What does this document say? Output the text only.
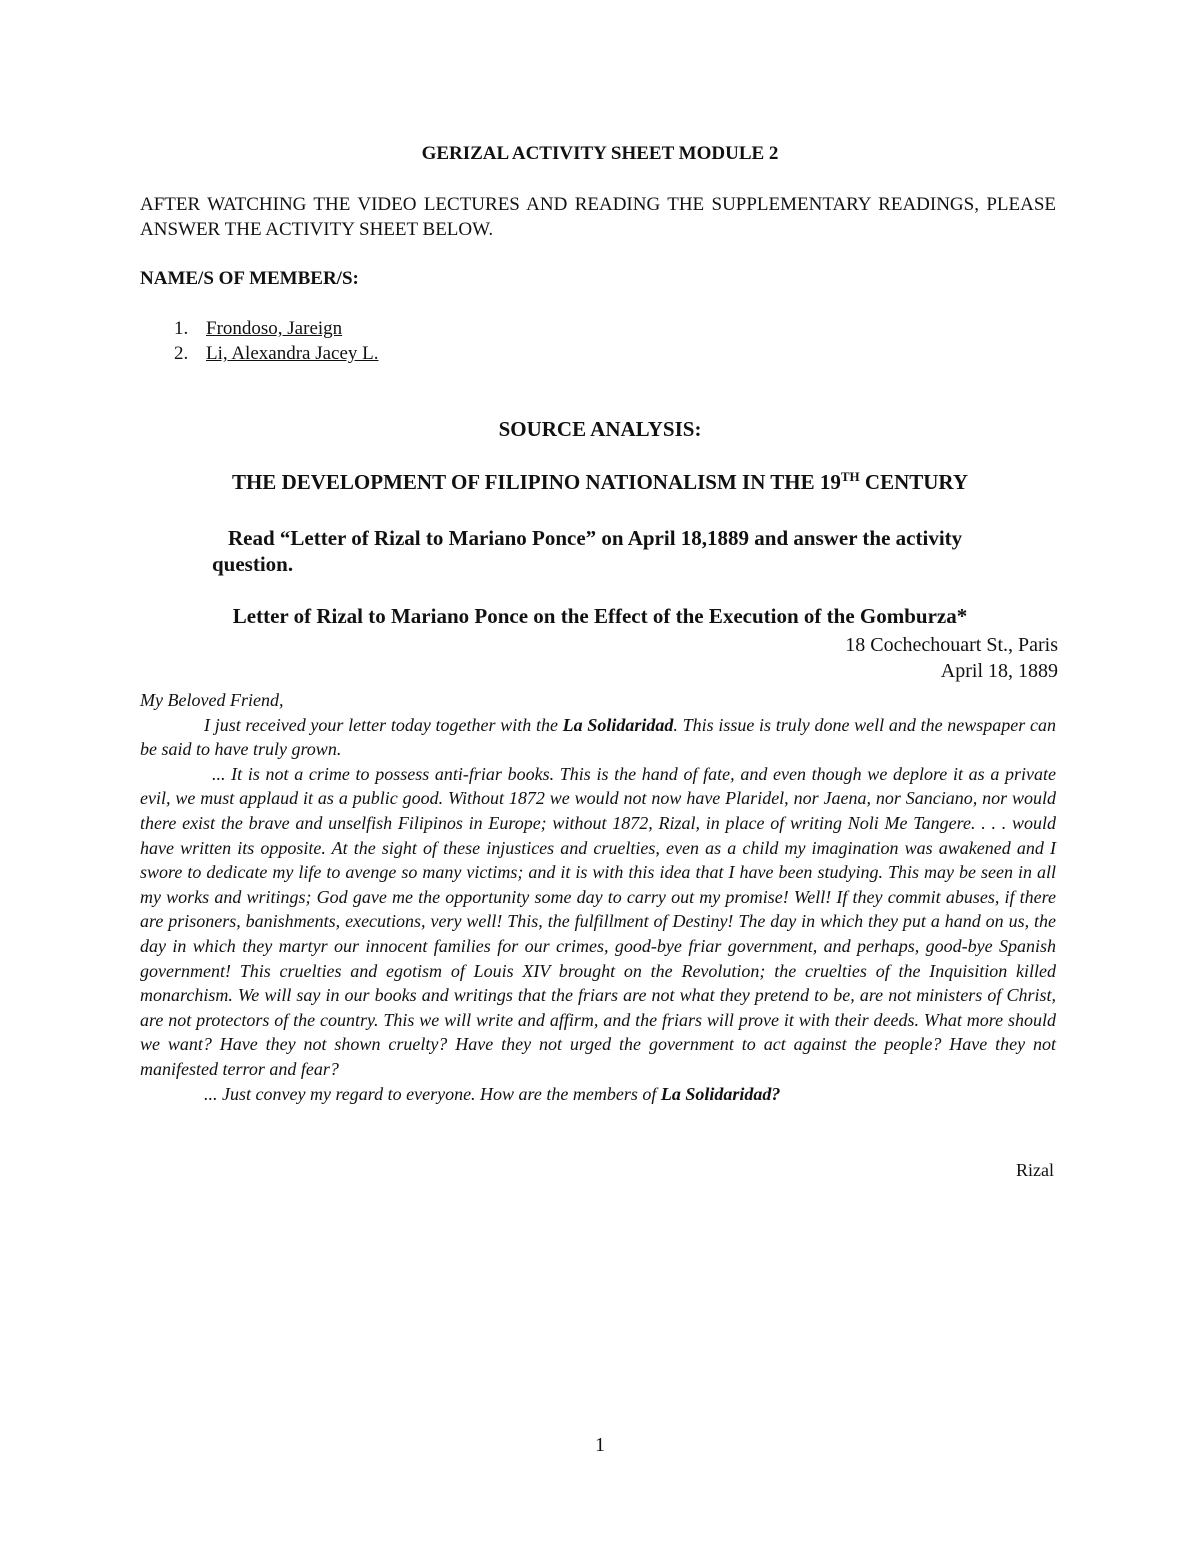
GERIZAL ACTIVITY SHEET MODULE 2
AFTER WATCHING THE VIDEO LECTURES AND READING THE SUPPLEMENTARY READINGS, PLEASE ANSWER THE ACTIVITY SHEET BELOW.
NAME/S OF MEMBER/S:
1. Frondoso, Jareign
2. Li, Alexandra Jacey L.
SOURCE ANALYSIS:
THE DEVELOPMENT OF FILIPINO NATIONALISM IN THE 19TH CENTURY
Read “Letter of Rizal to Mariano Ponce” on April 18,1889 and answer the activity
question.
Letter of Rizal to Mariano Ponce on the Effect of the Execution of the Gomburza*
18 Cochechouart St., Paris
April 18, 1889

My Beloved Friend,

I just received your letter today together with the La Solidaridad. This issue is truly done well and the newspaper can be said to have truly grown.

... It is not a crime to possess anti-friar books. This is the hand of fate, and even though we deplore it as a private evil, we must applaud it as a public good. Without 1872 we would not now have Plaridel, nor Jaena, nor Sanciano, nor would there exist the brave and unselfish Filipinos in Europe; without 1872, Rizal, in place of writing Noli Me Tangere. . . . would have written its opposite. At the sight of these injustices and cruelties, even as a child my imagination was awakened and I swore to dedicate my life to avenge so many victims; and it is with this idea that I have been studying. This may be seen in all my works and writings; God gave me the opportunity some day to carry out my promise! Well! If they commit abuses, if there are prisoners, banishments, executions, very well! This, the fulfillment of Destiny! The day in which they put a hand on us, the day in which they martyr our innocent families for our crimes, good-bye friar government, and perhaps, good-bye Spanish government! This cruelties and egotism of Louis XIV brought on the Revolution; the cruelties of the Inquisition killed monarchism. We will say in our books and writings that the friars are not what they pretend to be, are not ministers of Christ, are not protectors of the country. This we will write and affirm, and the friars will prove it with their deeds. What more should we want? Have they not shown cruelty? Have they not urged the government to act against the people? Have they not manifested terror and fear?

... Just convey my regard to everyone. How are the members of La Solidaridad?

Rizal
1
